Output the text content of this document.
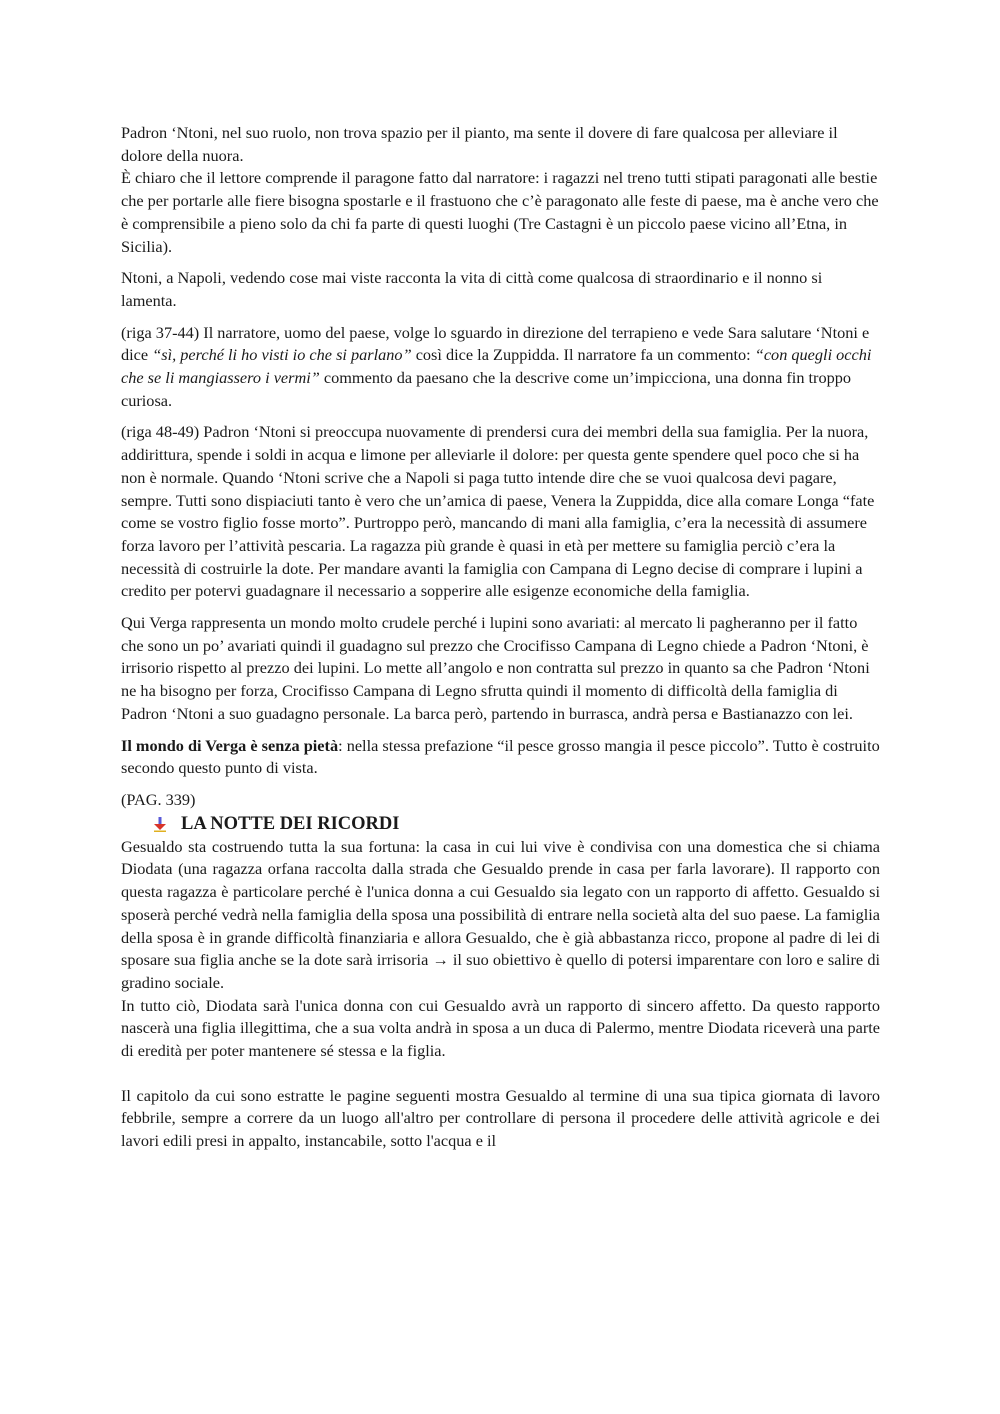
Padron ‘Ntoni, nel suo ruolo, non trova spazio per il pianto, ma sente il dovere di fare qualcosa per alleviare il dolore della nuora.

È chiaro che il lettore comprende il paragone fatto dal narratore: i ragazzi nel treno tutti stipati paragonati alle bestie che per portarle alle fiere bisogna spostarle e il frastuono che c’è paragonato alle feste di paese, ma è anche vero che è comprensibile a pieno solo da chi fa parte di questi luoghi (Tre Castagni è un piccolo paese vicino all’Etna, in Sicilia).

Ntoni, a Napoli, vedendo cose mai viste racconta la vita di città come qualcosa di straordinario e il nonno si lamenta.

(riga 37-44) Il narratore, uomo del paese, volge lo sguardo in direzione del terrapieno e vede Sara salutare ‘Ntoni e dice “sì, perché li ho visti io che si parlano” così dice la Zuppidda. Il narratore fa un commento: “con quegli occhi che se li mangiassero i vermi” commento da paesano che la descrive come un’impicciona, una donna fin troppo curiosa.

(riga 48-49) Padron ‘Ntoni si preoccupa nuovamente di prendersi cura dei membri della sua famiglia. Per la nuora, addirittura, spende i soldi in acqua e limone per alleviarle il dolore: per questa gente spendere quel poco che si ha non è normale. Quando ‘Ntoni scrive che a Napoli si paga tutto intende dire che se vuoi qualcosa devi pagare, sempre. Tutti sono dispiaciuti tanto è vero che un’amica di paese, Venera la Zuppidda, dice alla comare Longa “fate come se vostro figlio fosse morto”. Purtroppo però, mancando di mani alla famiglia, c’era la necessità di assumere forza lavoro per l’attività pescaria. La ragazza più grande è quasi in età per mettere su famiglia perciò c’era la necessità di costruirle la dote. Per mandare avanti la famiglia con Campana di Legno decise di comprare i lupini a credito per potervi guadagnare il necessario a sopperire alle esigenze economiche della famiglia.

Qui Verga rappresenta un mondo molto crudele perché i lupini sono avariati: al mercato li pagheranno per il fatto che sono un po’ avariati quindi il guadagno sul prezzo che Crocifisso Campana di Legno chiede a Padron ‘Ntoni, è irrisorio rispetto al prezzo dei lupini. Lo mette all’angolo e non contratta sul prezzo in quanto sa che Padron ‘Ntoni ne ha bisogno per forza, Crocifisso Campana di Legno sfrutta quindi il momento di difficoltà della famiglia di Padron ‘Ntoni a suo guadagno personale. La barca però, partendo in burrasca, andrà persa e Bastianazzo con lei.

Il mondo di Verga è senza pietà: nella stessa prefazione “il pesce grosso mangia il pesce piccolo”. Tutto è costruito secondo questo punto di vista.

(PAG. 339)

LA NOTTE DEI RICORDI

Gesualdo sta costruendo tutta la sua fortuna: la casa in cui lui vive è condivisa con una domestica che si chiama Diodata (una ragazza orfana raccolta dalla strada che Gesualdo prende in casa per farla lavorare). Il rapporto con questa ragazza è particolare perché è l'unica donna a cui Gesualdo sia legato con un rapporto di affetto. Gesualdo si sposerà perché vedrà nella famiglia della sposa una possibilità di entrare nella società alta del suo paese. La famiglia della sposa è in grande difficoltà finanziaria e allora Gesualdo, che è già abbastanza ricco, propone al padre di lei di sposare sua figlia anche se la dote sarà irrisoria → il suo obiettivo è quello di potersi imparentare con loro e salire di gradino sociale.

In tutto ciò, Diodata sarà l'unica donna con cui Gesualdo avrà un rapporto di sincero affetto. Da questo rapporto nascerà una figlia illegittima, che a sua volta andrà in sposa a un duca di Palermo, mentre Diodata riceverà una parte di eredità per poter mantenere sé stessa e la figlia.

Il capitolo da cui sono estratte le pagine seguenti mostra Gesualdo al termine di una sua tipica giornata di lavoro febbrile, sempre a correre da un luogo all'altro per controllare di persona il procedere delle attività agricole e dei lavori edili presi in appalto, instancabile, sotto l'acqua e il
